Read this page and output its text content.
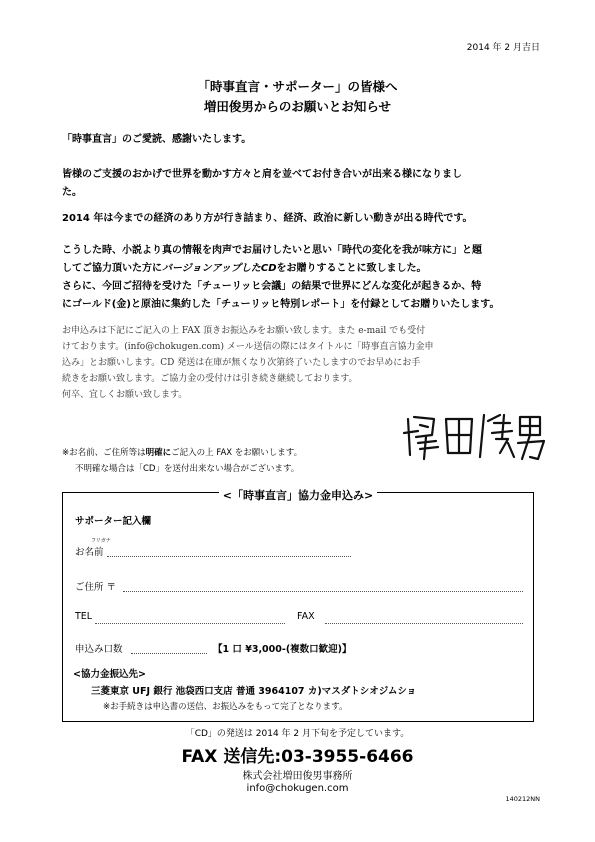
2014 年 2 月吉日
「時事直言・サポーター」の皆様へ
増田俊男からのお願いとお知らせ
「時事直言」のご愛読、感謝いたします。
皆様のご支援のおかげで世界を動かす方々と肩を並べてお付き合いが出来る様になりまし
た。
2014 年は今までの経済のあり方が行き詰まり、経済、政治に新しい動きが出る時代です。
こうした時、小説より真の情報を肉声でお届けしたいと思い「時代の変化を我が味方に」と題
してご協力頂いた方にバージョンアップしたCDをお贈りすることに致しました。
さらに、今回ご招待を受けた「チューリッヒ会議」の結果で世界にどんな変化が起きるか、特
にゴールド(金)と原油に集約した「チューリッヒ特別レポート」を付録としてお贈りいたします。
お申込みは下記にご記入の上 FAX 頂きお振込みをお願い致します。また e-mail でも受付
けております。(info@chokugen.com) メール送信の際にはタイトルに「時事直言協力金申
込み」とお願いします。CD 発送は在庫が無くなり次第終了いたしますのでお早めにお手
続きをお願い致します。ご協力金の受付けは引き続き継続しております。
何卒、宜しくお願い致します。
※お名前、ご住所等は明確にご記入の上 FAX をお願いします。
不明確な場合は「CD」を送付出来ない場合がございます。
<「時事直言」協力金申込み>
サポーター記入欄
フリガナ
お名前
ご住所 〒
TEL	FAX
申込み口数	【1 口 ¥3,000-(複数口歓迎)】
<協力金振込先>
三菱東京 UFJ 銀行 池袋西口支店 普通 3964107 カ)マスダトシオジムショ
※お手続きは申込書の送信、お振込みをもって完了となります。
「CD」の発送は 2014 年 2 月下旬を予定しています。
FAX 送信先:03-3955-6466
株式会社増田俊男事務所
info@chokugen.com
140212NN
